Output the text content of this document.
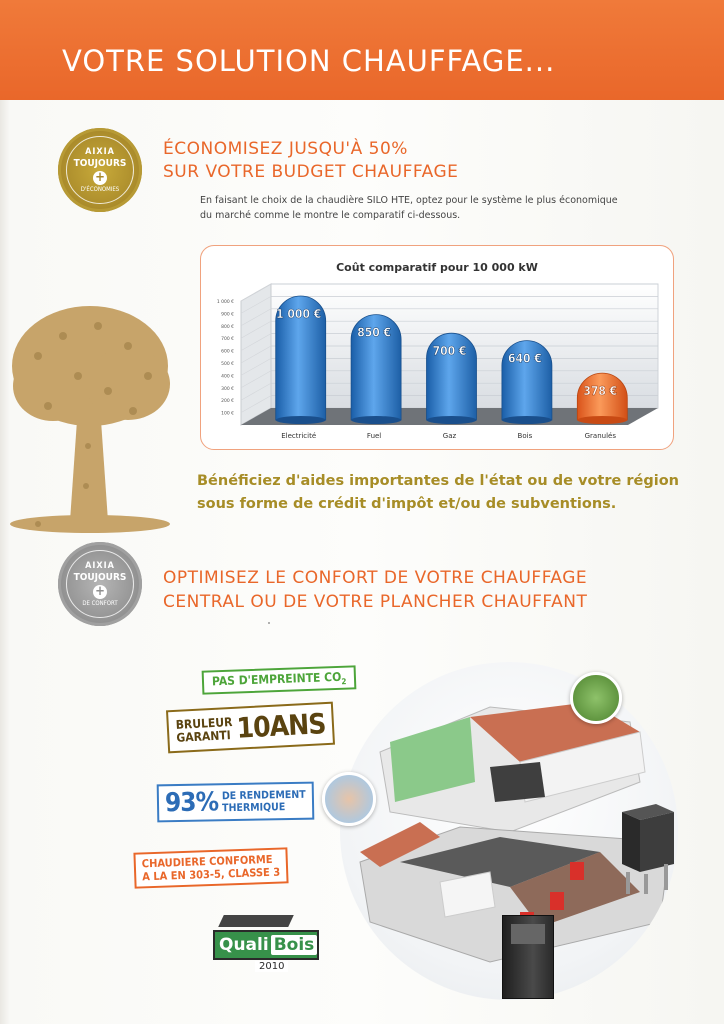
VOTRE SOLUTION CHAUFFAGE...
AIXIA
TOUJOURS
+
D'ÉCONOMIES
ÉCONOMISEZ JUSQU'À 50%
SUR VOTRE BUDGET CHAUFFAGE
En faisant le choix de la chaudière SILO HTE, optez pour le système le plus économique
du marché comme le montre le comparatif ci-dessous.
Coût comparatif pour 10 000 kW
100 €
200 €
300 €
400 €
500 €
600 €
700 €
800 €
900 €
1 000 €
1 000 €
850 €
700 €
640 €
378 €
Electricité	Fuel	Gaz	Bois	Granulés
Bénéficiez d'aides importantes de l'état ou de votre région
sous forme de crédit d'impôt et/ou de subventions.
AIXIA
TOUJOURS
+
DE CONFORT
OPTIMISEZ LE CONFORT DE VOTRE CHAUFFAGE
CENTRAL OU DE VOTRE PLANCHER CHAUFFANT
PAS D'EMPREINTE $CO_2$
BRULEUR
GARANTI 10ANS
93% DE RENDEMENT
THERMIQUE
CHAUDIERE CONFORME
A LA EN 303-5, CLASSE 3
Quali Bois
2010
